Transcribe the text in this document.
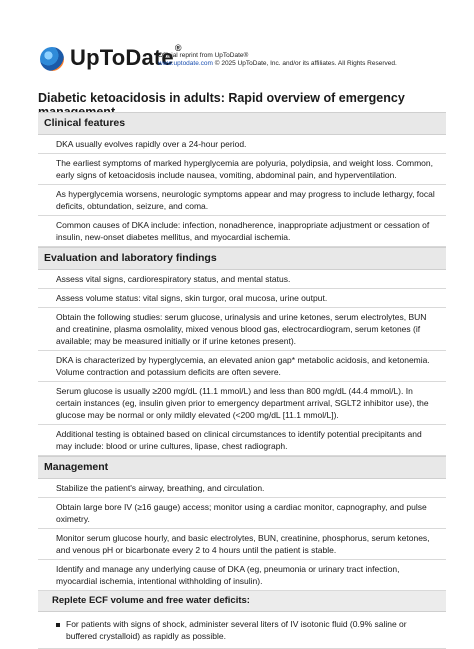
UpToDate®
Official reprint from UpToDate®
www.uptodate.com © 2025 UpToDate, Inc. and/or its affiliates. All Rights Reserved.
Diabetic ketoacidosis in adults: Rapid overview of emergency
Clinical features
DKA usually evolves rapidly over a 24-hour period.
The earliest symptoms of marked hyperglycemia are polyuria, polydipsia, and weight loss. Common, early signs of ketoacidosis include nausea, vomiting, abdominal pain, and hyperventilation.
As hyperglycemia worsens, neurologic symptoms appear and may progress to include lethargy, focal deficits, obtundation, seizure, and coma.
Common causes of DKA include: infection, nonadherence, inappropriate adjustment or cessation of insulin, new-onset diabetes mellitus, and myocardial ischemia.
Evaluation and laboratory findings
Assess vital signs, cardiorespiratory status, and mental status.
Assess volume status: vital signs, skin turgor, oral mucosa, urine output.
Obtain the following studies: serum glucose, urinalysis and urine ketones, serum electrolytes, BUN and creatinine, plasma osmolality, mixed venous blood gas, electrocardiogram, serum ketones (if available; may be measured initially or if urine ketones present).
DKA is characterized by hyperglycemia, an elevated anion gap* metabolic acidosis, and ketonemia. Volume contraction and potassium deficits are often severe.
Serum glucose is usually ≥200 mg/dL (11.1 mmol/L) and less than 800 mg/dL (44.4 mmol/L). In certain instances (eg, insulin given prior to emergency department arrival, SGLT2 inhibitor use), the glucose may be normal or only mildly elevated (<200 mg/dL [11.1 mmol/L]).
Additional testing is obtained based on clinical circumstances to identify potential precipitants and may include: blood or urine cultures, lipase, chest radiograph.
Management
Stabilize the patient's airway, breathing, and circulation.
Obtain large bore IV (≥16 gauge) access; monitor using a cardiac monitor, capnography, and pulse oximetry.
Monitor serum glucose hourly, and basic electrolytes, BUN, creatinine, phosphorus, serum ketones, and venous pH or bicarbonate every 2 to 4 hours until the patient is stable.
Identify and manage any underlying cause of DKA (eg, pneumonia or urinary tract infection, myocardial ischemia, intentional withholding of insulin).
Replete ECF volume and free water deficits:
For patients with signs of shock, administer several liters of IV isotonic fluid (0.9% saline or buffered crystalloid) as rapidly as possible.
